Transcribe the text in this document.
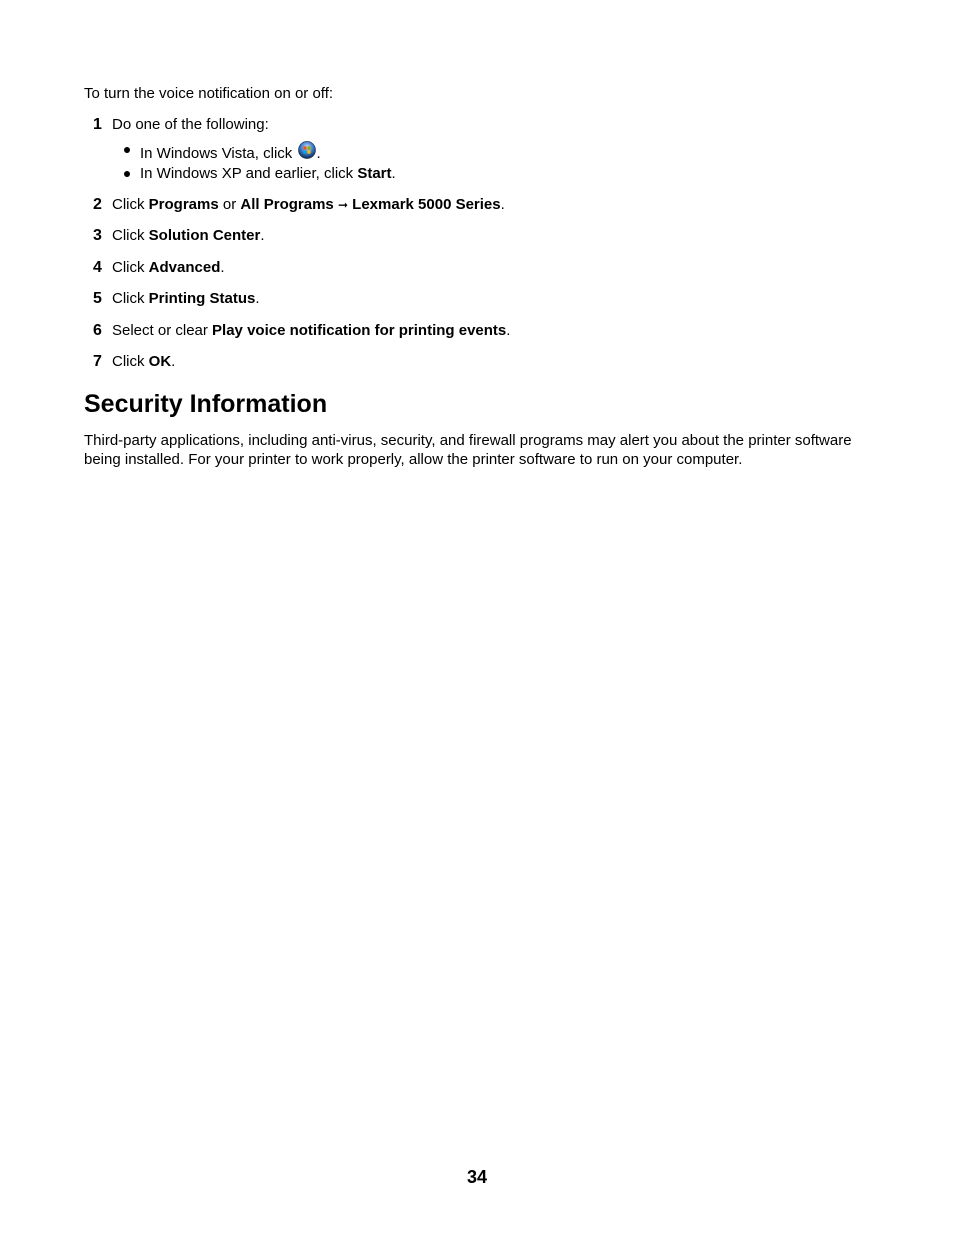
To turn the voice notification on or off:
1 Do one of the following:
In Windows Vista, click .
In Windows XP and earlier, click Start.
2 Click Programs or All Programs ➞ Lexmark 5000 Series.
3 Click Solution Center.
4 Click Advanced.
5 Click Printing Status.
6 Select or clear Play voice notification for printing events.
7 Click OK.
Security Information
Third-party applications, including anti-virus, security, and firewall programs may alert you about the printer software being installed. For your printer to work properly, allow the printer software to run on your computer.
34
